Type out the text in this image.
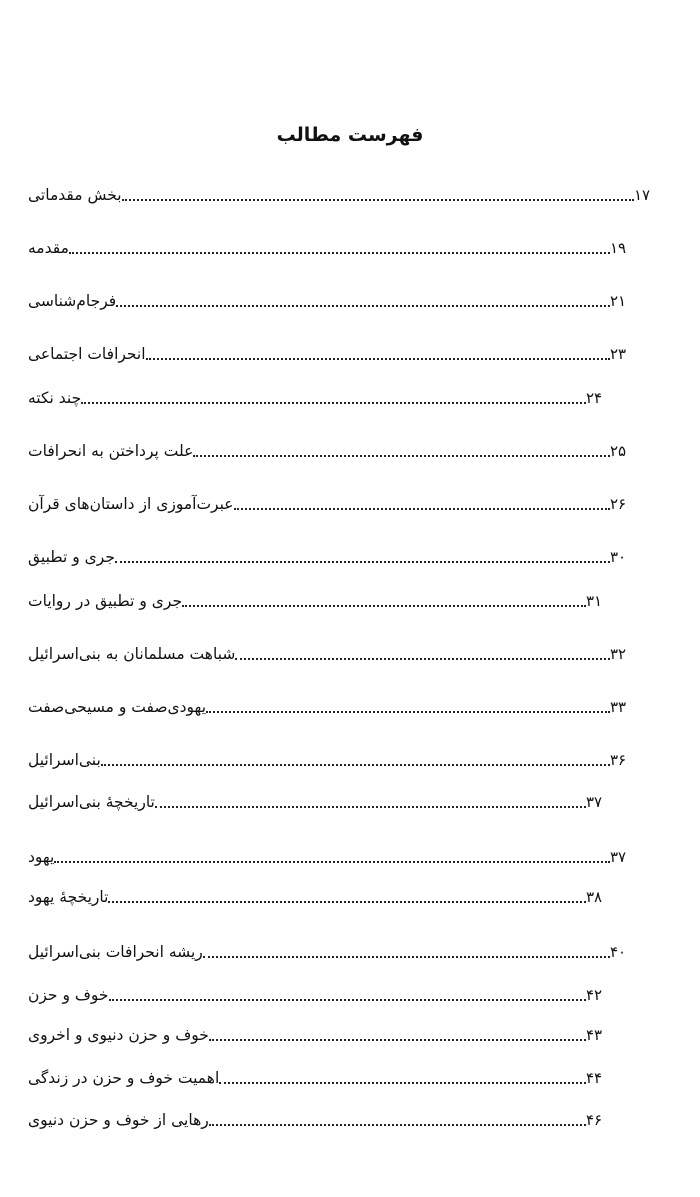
فهرست مطالب
بخش مقدماتی	۱۷
مقدمه	۱۹
فرجام‌شناسی	۲۱
انحرافات اجتماعی	۲۳
چند نکته	۲۴
علت پرداختن به انحرافات	۲۵
عبرت‌آموزی از داستان‌های قرآن	۲۶
جری و تطبیق	۳۰
جری و تطبیق در روایات	۳۱
شباهت مسلمانان به بنی‌اسرائیل	۳۲
یهودی‌صفت و مسیحی‌صفت	۳۳
بنی‌اسرائیل	۳۶
تاریخچۀ بنی‌اسرائیل	۳۷
یهود	۳۷
تاریخچۀ یهود	۳۸
ریشه انحرافات بنی‌اسرائیل	۴۰
خوف و حزن	۴۲
خوف و حزن دنیوی و اخروی	۴۳
اهمیت خوف و حزن در زندگی	۴۴
رهایی از خوف و حزن دنیوی	۴۶
